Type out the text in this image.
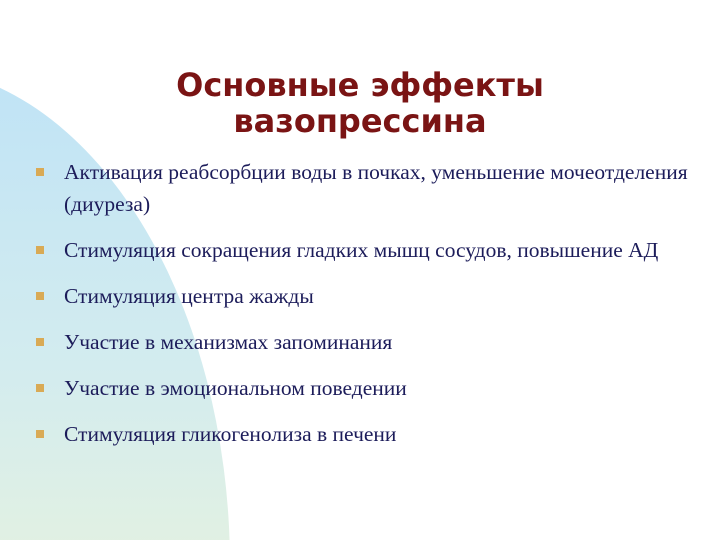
Основные эффекты
вазопрессина
Активация реабсорбции воды в почках, уменьшение мочеотделения (диуреза)
Стимуляция сокращения гладких мышц сосудов, повышение АД
Стимуляция центра жажды
Участие в механизмах запоминания
Участие в эмоциональном поведении
Стимуляция гликогенолиза в печени
